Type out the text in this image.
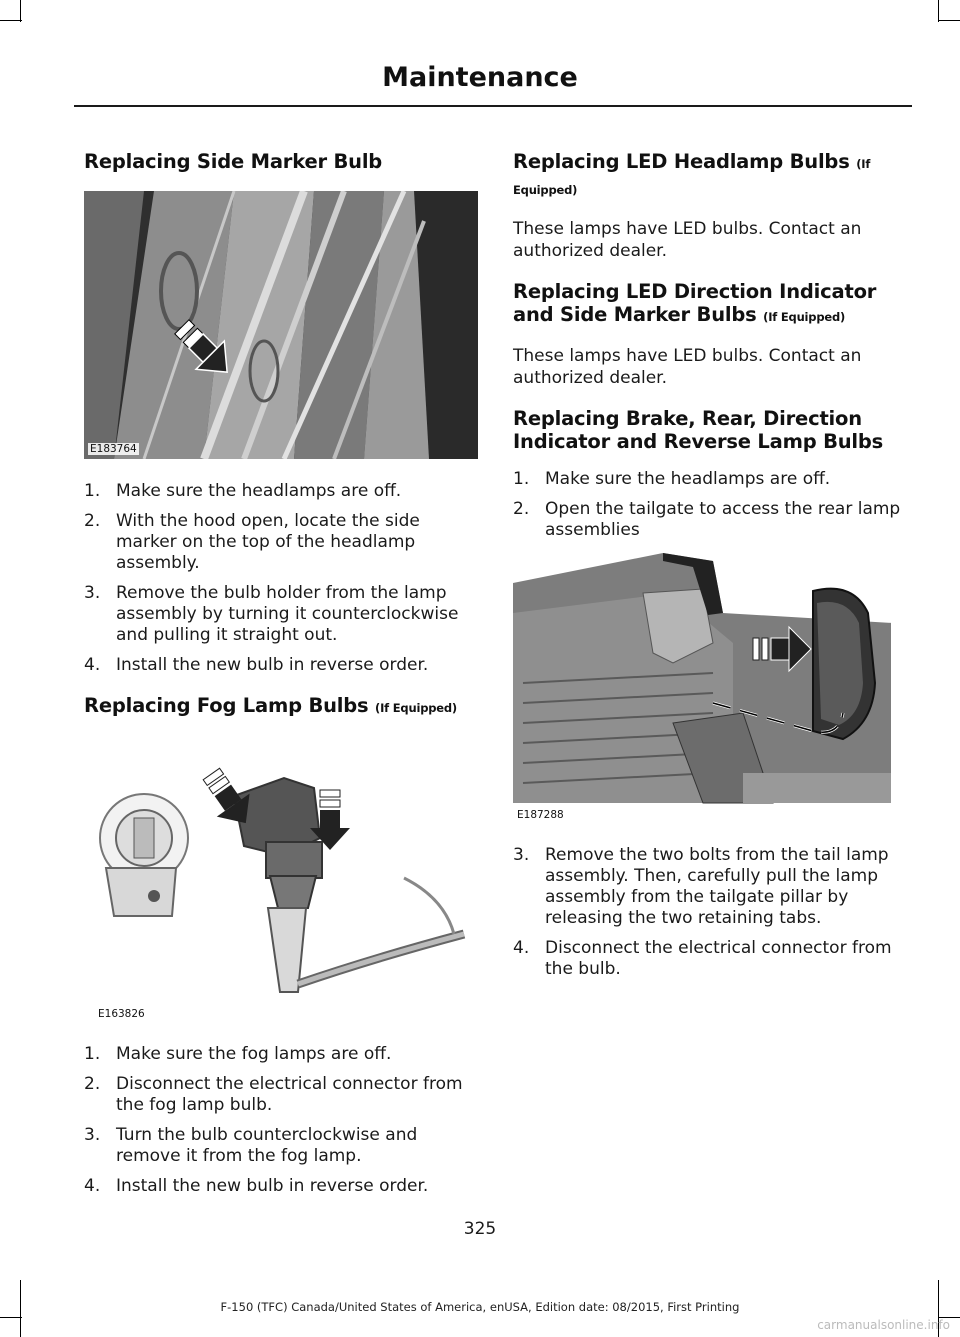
Maintenance
Replacing Side Marker Bulb
E183764
1. Make sure the headlamps are off.
2. With the hood open, locate the side marker on the top of the headlamp assembly.
3. Remove the bulb holder from the lamp assembly by turning it counterclockwise and pulling it straight out.
4. Install the new bulb in reverse order.
Replacing Fog Lamp Bulbs (If Equipped)
E163826
1. Make sure the fog lamps are off.
2. Disconnect the electrical connector from the fog lamp bulb.
3. Turn the bulb counterclockwise and remove it from the fog lamp.
4. Install the new bulb in reverse order.
Replacing LED Headlamp Bulbs (If
Equipped)

These lamps have LED bulbs. Contact an authorized dealer.

Replacing LED Direction Indicator
and Side Marker Bulbs (If Equipped)

These lamps have LED bulbs. Contact an authorized dealer.

Replacing Brake, Rear, Direction
Indicator and Reverse Lamp Bulbs
1. Make sure the headlamps are off.
2. Open the tailgate to access the rear lamp assemblies
E187288
3. Remove the two bolts from the tail lamp assembly. Then, carefully pull the lamp assembly from the tailgate pillar by releasing the two retaining tabs.
4. Disconnect the electrical connector from the bulb.
325
F-150 (TFC) Canada/United States of America, enUSA, Edition date: 08/2015, First Printing
carmanualsonline.info
